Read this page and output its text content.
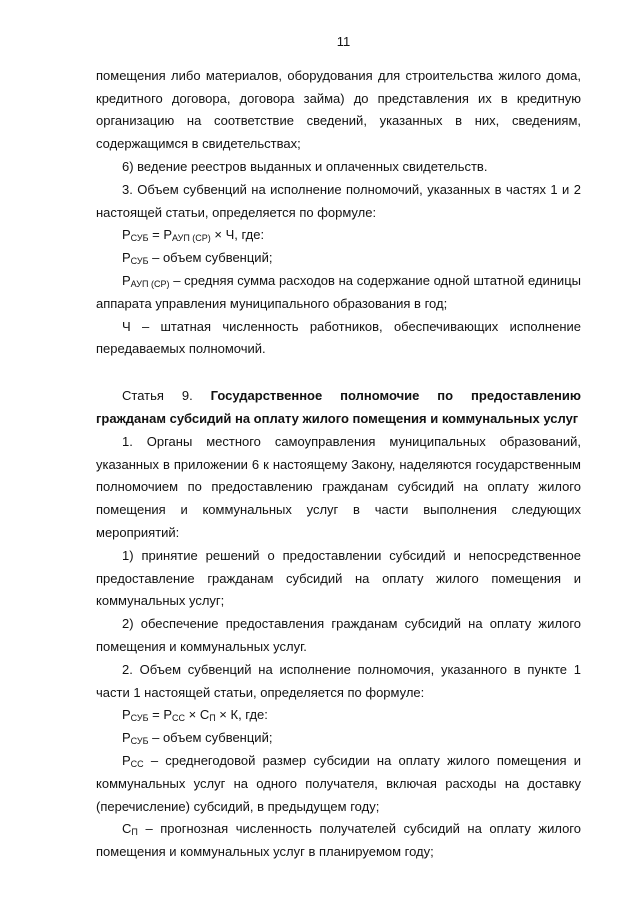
11

помещения либо материалов, оборудования для строительства жилого дома, кредитного договора, договора займа) до представления их в кредитную организацию на соответствие сведений, указанных в них, сведениям, содержащимся в свидетельствах;

6) ведение реестров выданных и оплаченных свидетельств.

3. Объем субвенций на исполнение полномочий, указанных в частях 1 и 2 настоящей статьи, определяется по формуле:

$Р_{СУБ} = Р_{АУП (СР)} \times Ч$, где:

$Р_{СУБ}$ – объем субвенций;

$Р_{АУП (СР)}$ – средняя сумма расходов на содержание одной штатной единицы аппарата управления муниципального образования в год;

Ч – штатная численность работников, обеспечивающих исполнение передаваемых полномочий.

Статья 9. Государственное полномочие по предоставлению гражданам субсидий на оплату жилого помещения и коммунальных услуг

1. Органы местного самоуправления муниципальных образований, указанных в приложении 6 к настоящему Закону, наделяются государственным полномочием по предоставлению гражданам субсидий на оплату жилого помещения и коммунальных услуг в части выполнения следующих мероприятий:

1) принятие решений о предоставлении субсидий и непосредственное предоставление гражданам субсидий на оплату жилого помещения и коммунальных услуг;

2) обеспечение предоставления гражданам субсидий на оплату жилого помещения и коммунальных услуг.

2. Объем субвенций на исполнение полномочия, указанного в пункте 1 части 1 настоящей статьи, определяется по формуле:

$Р_{СУБ} = Р_{СС} \times С_П \times К$, где:

$Р_{СУБ}$ – объем субвенций;

$Р_{СС}$ – среднегодовой размер субсидии на оплату жилого помещения и коммунальных услуг на одного получателя, включая расходы на доставку (перечисление) субсидий, в предыдущем году;

$С_П$ – прогнозная численность получателей субсидий на оплату жилого помещения и коммунальных услуг в планируемом году;
